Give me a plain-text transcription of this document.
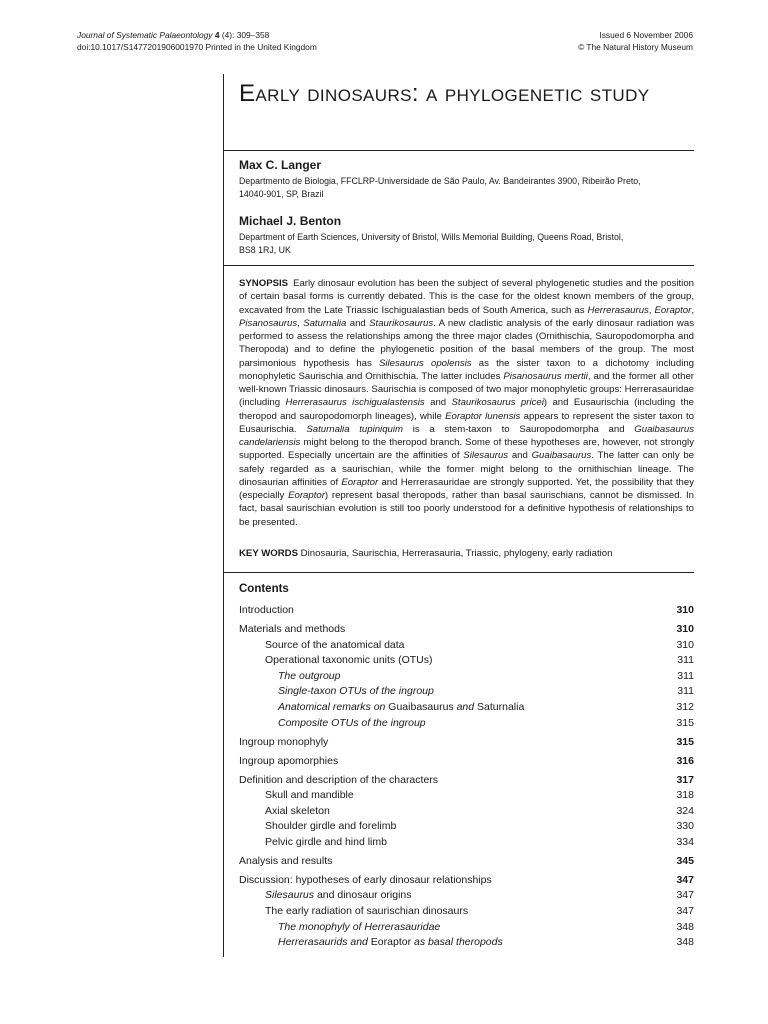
Journal of Systematic Palaeontology 4 (4): 309–358
doi:10.1017/S1477201906001970 Printed in the United Kingdom
Issued 6 November 2006
© The Natural History Museum
Early dinosaurs: a phylogenetic study
Max C. Langer
Departmento de Biologia, FFCLRP-Universidade de São Paulo, Av. Bandeirantes 3900, Ribeirão Preto,
14040-901, SP, Brazil
Michael J. Benton
Department of Earth Sciences, University of Bristol, Wills Memorial Building, Queens Road, Bristol,
BS8 1RJ, UK

SYNOPSIS Early dinosaur evolution has been the subject of several phylogenetic studies and the position of certain basal forms is currently debated. This is the case for the oldest known members of the group, excavated from the Late Triassic Ischigualastian beds of South America, such as Herrerasaurus, Eoraptor, Pisanosaurus, Saturnalia and Staurikosaurus. A new cladistic analysis of the early dinosaur radiation was performed to assess the relationships among the three major clades (Ornithischia, Sauropodomorpha and Theropoda) and to define the phylogenetic position of the basal members of the group. The most parsimonious hypothesis has Silesaurus opolensis as the sister taxon to a dichotomy including monophyletic Saurischia and Ornithischia. The latter includes Pisanosaurus mertii, and the former all other well-known Triassic dinosaurs. Saurischia is composed of two major monophyletic groups: Herrerasauridae (including Herrerasaurus ischigualastensis and Staurikosaurus pricei) and Eusaurischia (including the theropod and sauropodomorph lineages), while Eoraptor lunensis appears to represent the sister taxon to Eusaurischia. Saturnalia tupiniquim is a stem-taxon to Sauropodomorpha and Guaibasaurus candelariensis might belong to the theropod branch. Some of these hypotheses are, however, not strongly supported. Especially uncertain are the affinities of Silesaurus and Guaibasaurus. The latter can only be safely regarded as a saurischian, while the former might belong to the ornithischian lineage. The dinosaurian affinities of Eoraptor and Herrerasauridae are strongly supported. Yet, the possibility that they (especially Eoraptor) represent basal theropods, rather than basal saurischians, cannot be dismissed. In fact, basal saurischian evolution is still too poorly understood for a definitive hypothesis of relationships to be presented.

KEY WORDS Dinosauria, Saurischia, Herrerasauria, Triassic, phylogeny, early radiation
Contents
Introduction	310
Materials and methods	310
Source of the anatomical data	310
Operational taxonomic units (OTUs)	311
The outgroup	311
Single-taxon OTUs of the ingroup	311
Anatomical remarks on Guaibasaurus and Saturnalia	312
Composite OTUs of the ingroup	315
Ingroup monophyly	315
Ingroup apomorphies	316
Definition and description of the characters	317
Skull and mandible	318
Axial skeleton	324
Shoulder girdle and forelimb	330
Pelvic girdle and hind limb	334
Analysis and results	345
Discussion: hypotheses of early dinosaur relationships	347
Silesaurus and dinosaur origins	347
The early radiation of saurischian dinosaurs	347
The monophyly of Herrerasauridae	348
Herrerasaurids and Eoraptor as basal theropods	348
